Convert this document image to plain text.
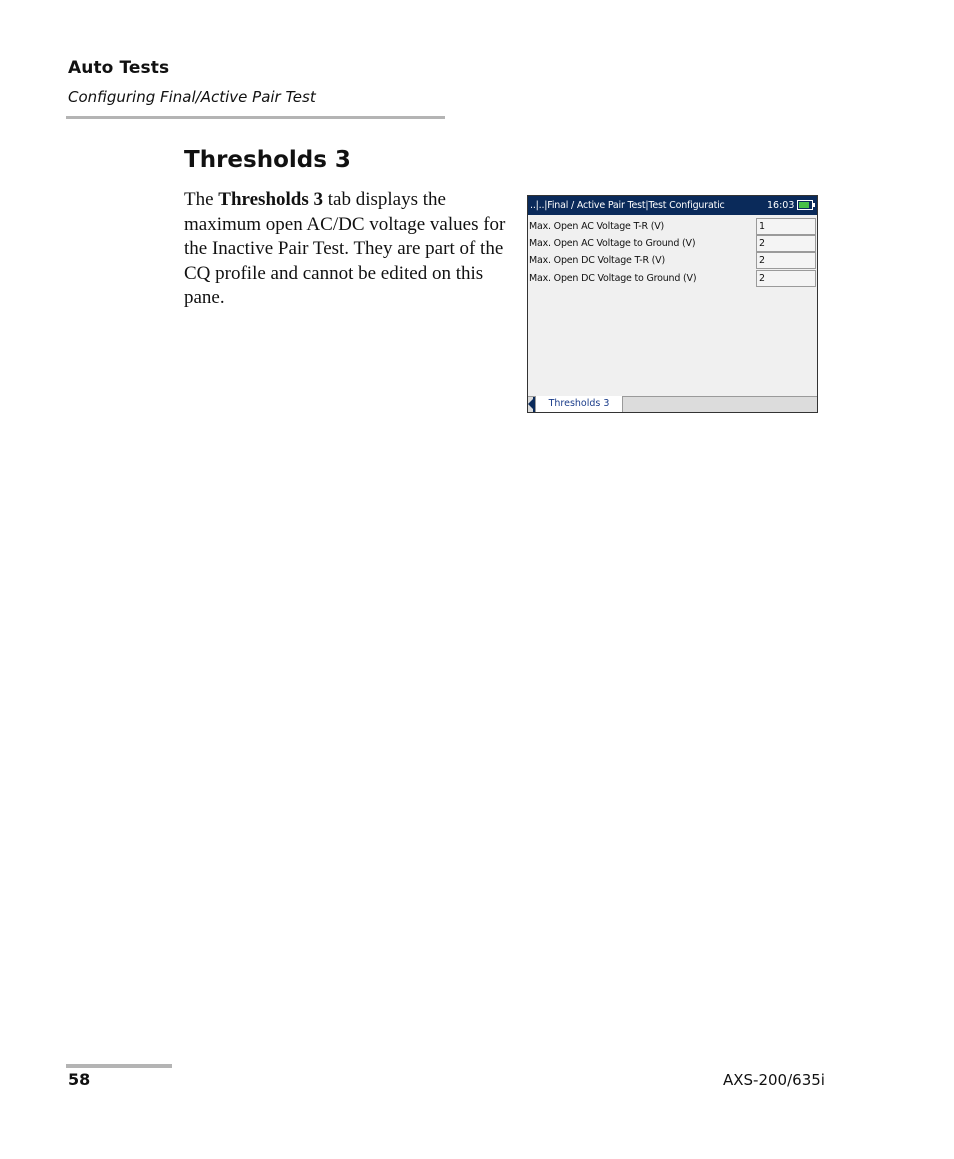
Auto Tests
Configuring Final/Active Pair Test
Thresholds 3
The Thresholds 3 tab displays the maximum open AC/DC voltage values for the Inactive Pair Test. They are part of the CQ profile and cannot be edited on this pane.
..|..|Final / Active Pair Test|Test Configuratic	16:03
Max. Open AC Voltage T-R (V)	1
Max. Open AC Voltage to Ground (V)	2
Max. Open DC Voltage T-R (V)	2
Max. Open DC Voltage to Ground (V)	2
Thresholds 3
58	AXS-200/635i
